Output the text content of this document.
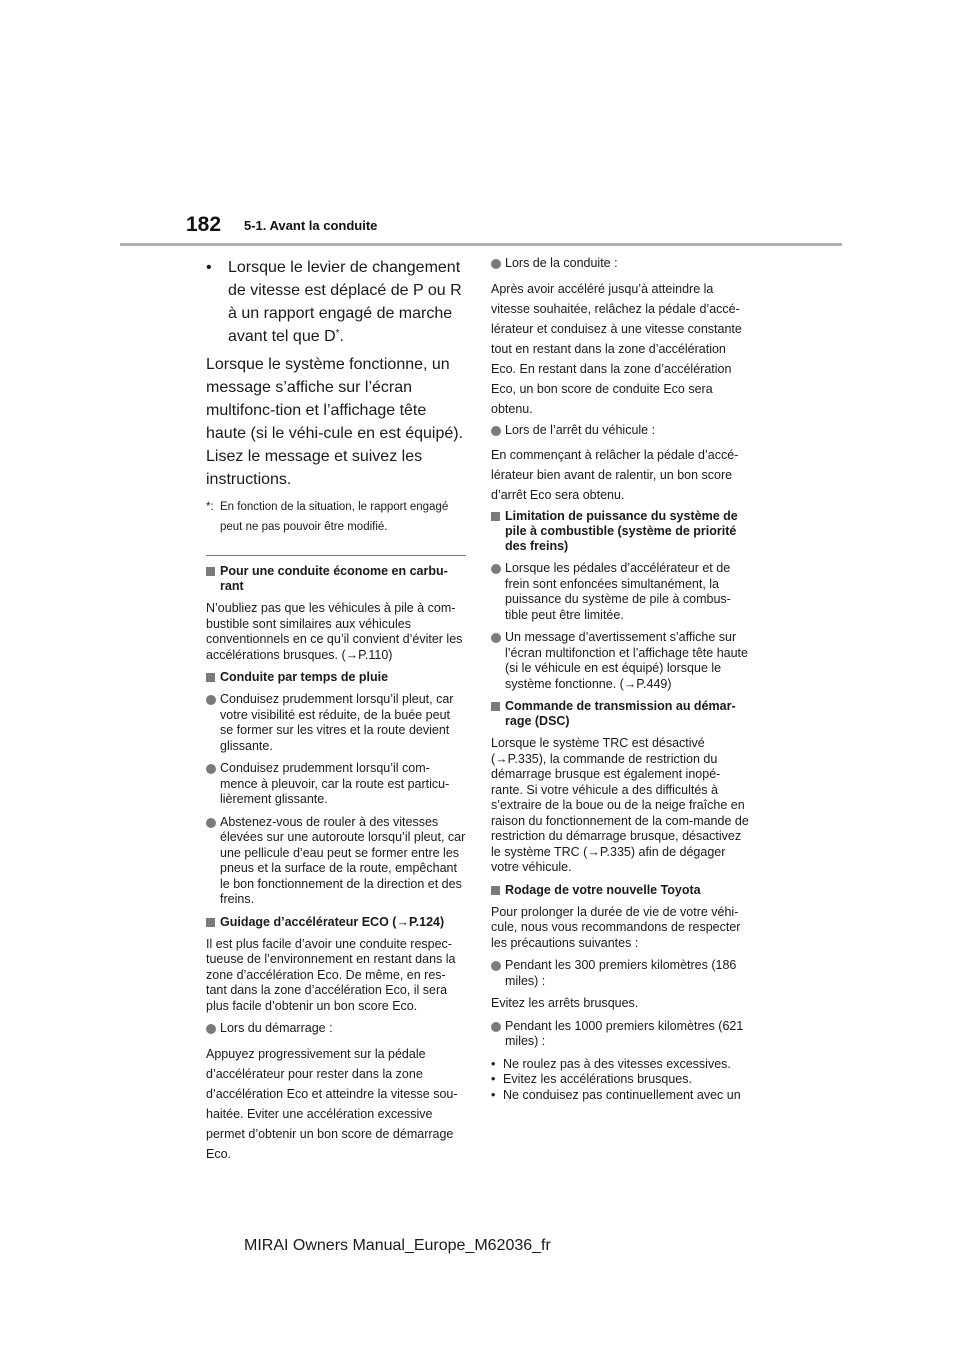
182 5-1. Avant la conduite
•	Lorsque le levier de changement de vitesse est déplacé de P ou R à un rapport engagé de marche avant tel que D*.

Lorsque le système fonctionne, un message s’affiche sur l’écran multifonc-tion et l’affichage tête haute (si le véhi-cule en est équipé). Lisez le message et suivez les instructions.

*: En fonction de la situation, le rapport engagé peut ne pas pouvoir être modifié.
Pour une conduite économe en carbu-rant

N’oubliez pas que les véhicules à pile à com-bustible sont similaires aux véhicules conventionnels en ce qu’il convient d’éviter les accélérations brusques. (→P.110)

Conduite par temps de pluie
Conduisez prudemment lorsqu’il pleut, car votre visibilité est réduite, de la buée peut se former sur les vitres et la route devient glissante.
Conduisez prudemment lorsqu’il com-mence à pleuvoir, car la route est particu-lièrement glissante.
Abstenez-vous de rouler à des vitesses élevées sur une autoroute lorsqu’il pleut, car une pellicule d’eau peut se former entre les pneus et la surface de la route, empêchant le bon fonctionnement de la direction et des freins.
Guidage d’accélérateur ECO (→P.124)

Il est plus facile d’avoir une conduite respec-tueuse de l’environnement en restant dans la zone d’accélération Eco. De même, en res-tant dans la zone d’accélération Eco, il sera plus facile d’obtenir un bon score Eco.

Lors du démarrage :

Appuyez progressivement sur la pédale d’accélérateur pour rester dans la zone d’accélération Eco et atteindre la vitesse sou-haitée. Eviter une accélération excessive permet d’obtenir un bon score de démarrage Eco.

Lors de la conduite :

Après avoir accéléré jusqu’à atteindre la vitesse souhaitée, relâchez la pédale d’accé-lérateur et conduisez à une vitesse constante tout en restant dans la zone d’accélération Eco. En restant dans la zone d’accélération Eco, un bon score de conduite Eco sera obtenu.

Lors de l’arrêt du véhicule :

En commençant à relâcher la pédale d’accé-lérateur bien avant de ralentir, un bon score d’arrêt Eco sera obtenu.

Limitation de puissance du système de pile à combustible (système de priorité des freins)
Lorsque les pédales d’accélérateur et de frein sont enfoncées simultanément, la puissance du système de pile à combus-tible peut être limitée.
Un message d’avertissement s’affiche sur l’écran multifonction et l’affichage tête haute (si le véhicule en est équipé) lorsque le système fonctionne. (→P.449)
Commande de transmission au démar-rage (DSC)

Lorsque le système TRC est désactivé (→P.335), la commande de restriction du démarrage brusque est également inopé-rante. Si votre véhicule a des difficultés à s’extraire de la boue ou de la neige fraîche en raison du fonctionnement de la com-mande de restriction du démarrage brusque, désactivez le système TRC (→P.335) afin de dégager votre véhicule.

Rodage de votre nouvelle Toyota

Pour prolonger la durée de vie de votre véhi-cule, nous vous recommandons de respecter les précautions suivantes :

Pendant les 300 premiers kilomètres (186 miles) :

Evitez les arrêts brusques.

Pendant les 1000 premiers kilomètres (621 miles) :
• Ne roulez pas à des vitesses excessives.
• Evitez les accélérations brusques.
• Ne conduisez pas continuellement avec un
MIRAI Owners Manual_Europe_M62036_fr
